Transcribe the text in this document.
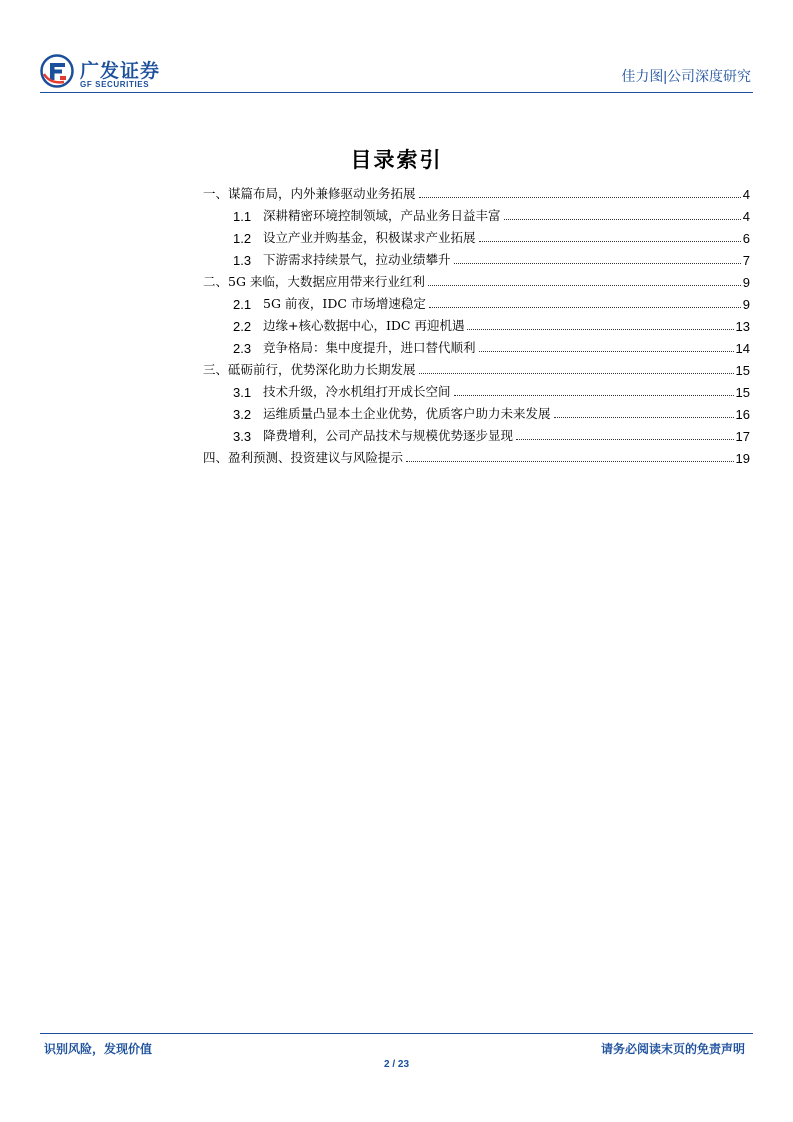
广发证券
GF SECURITIES
佳力图|公司深度研究
目录索引
一、谋篇布局，内外兼修驱动业务拓展	4
1.1 深耕精密环境控制领域，产品业务日益丰富	4
1.2 设立产业并购基金，积极谋求产业拓展	6
1.3 下游需求持续景气，拉动业绩攀升	7
二、5G 来临，大数据应用带来行业红利	9
2.1 5G 前夜，IDC 市场增速稳定	9
2.2 边缘+核心数据中心，IDC 再迎机遇	13
2.3 竞争格局：集中度提升，进口替代顺利	14
三、砥砺前行，优势深化助力长期发展	15
3.1 技术升级，冷水机组打开成长空间	15
3.2 运维质量凸显本土企业优势，优质客户助力未来发展	16
3.3 降费增利，公司产品技术与规模优势逐步显现	17
四、盈利预测、投资建议与风险提示	19
识别风险，发现价值	请务必阅读末页的免责声明
2 / 23
